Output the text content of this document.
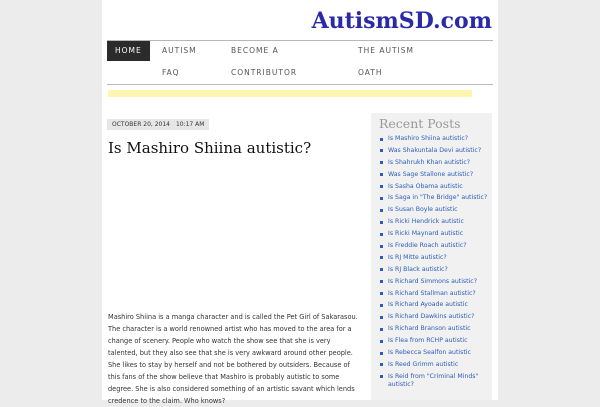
AutismSD.com
HOME	AUTISM	BECOME A	THE AUTISM
FAQ	CONTRIBUTOR	OATH
OCTOBER 20, 2014 10:17 AM
Is Mashiro Shiina autistic?
Mashiro Shiina is a manga character and is called the Pet Girl of Sakarasou. The character is a world renowned artist who has moved to the area for a change of scenery. People who watch the show see that she is very talented, but they also see that she is very awkward around other people. She likes to stay by herself and not be bothered by outsiders. Because of this fans of the show believe that Mashiro is probably autistic to some degree. She is also considered something of an artistic savant which lends credence to the claim. Who knows?
Recent Posts
Is Mashiro Shiina autistic?
Was Shakuntala Devi autistic?
Is Shahrukh Khan autistic?
Was Sage Stallone autistic?
Is Sasha Obama autistic
Is Saga in "The Bridge" autistic?
Is Susan Boyle autistic
Is Ricki Hendrick autistic
Is Ricki Maynard autistic
Is Freddie Roach autistic?
Is RJ Mitte autistic?
Is RJ Black autistic?
Is Richard Simmons autistic?
Is Richard Stallman autistic?
Is Richard Ayoade autistic
Is Richard Dawkins autistic?
Is Richard Branson autistic
Is Flea from RCHP autistic
Is Rebecca Sealfon autistic
Is Reed Grimm autistic
Is Reid from "Criminal Minds" autistic?
